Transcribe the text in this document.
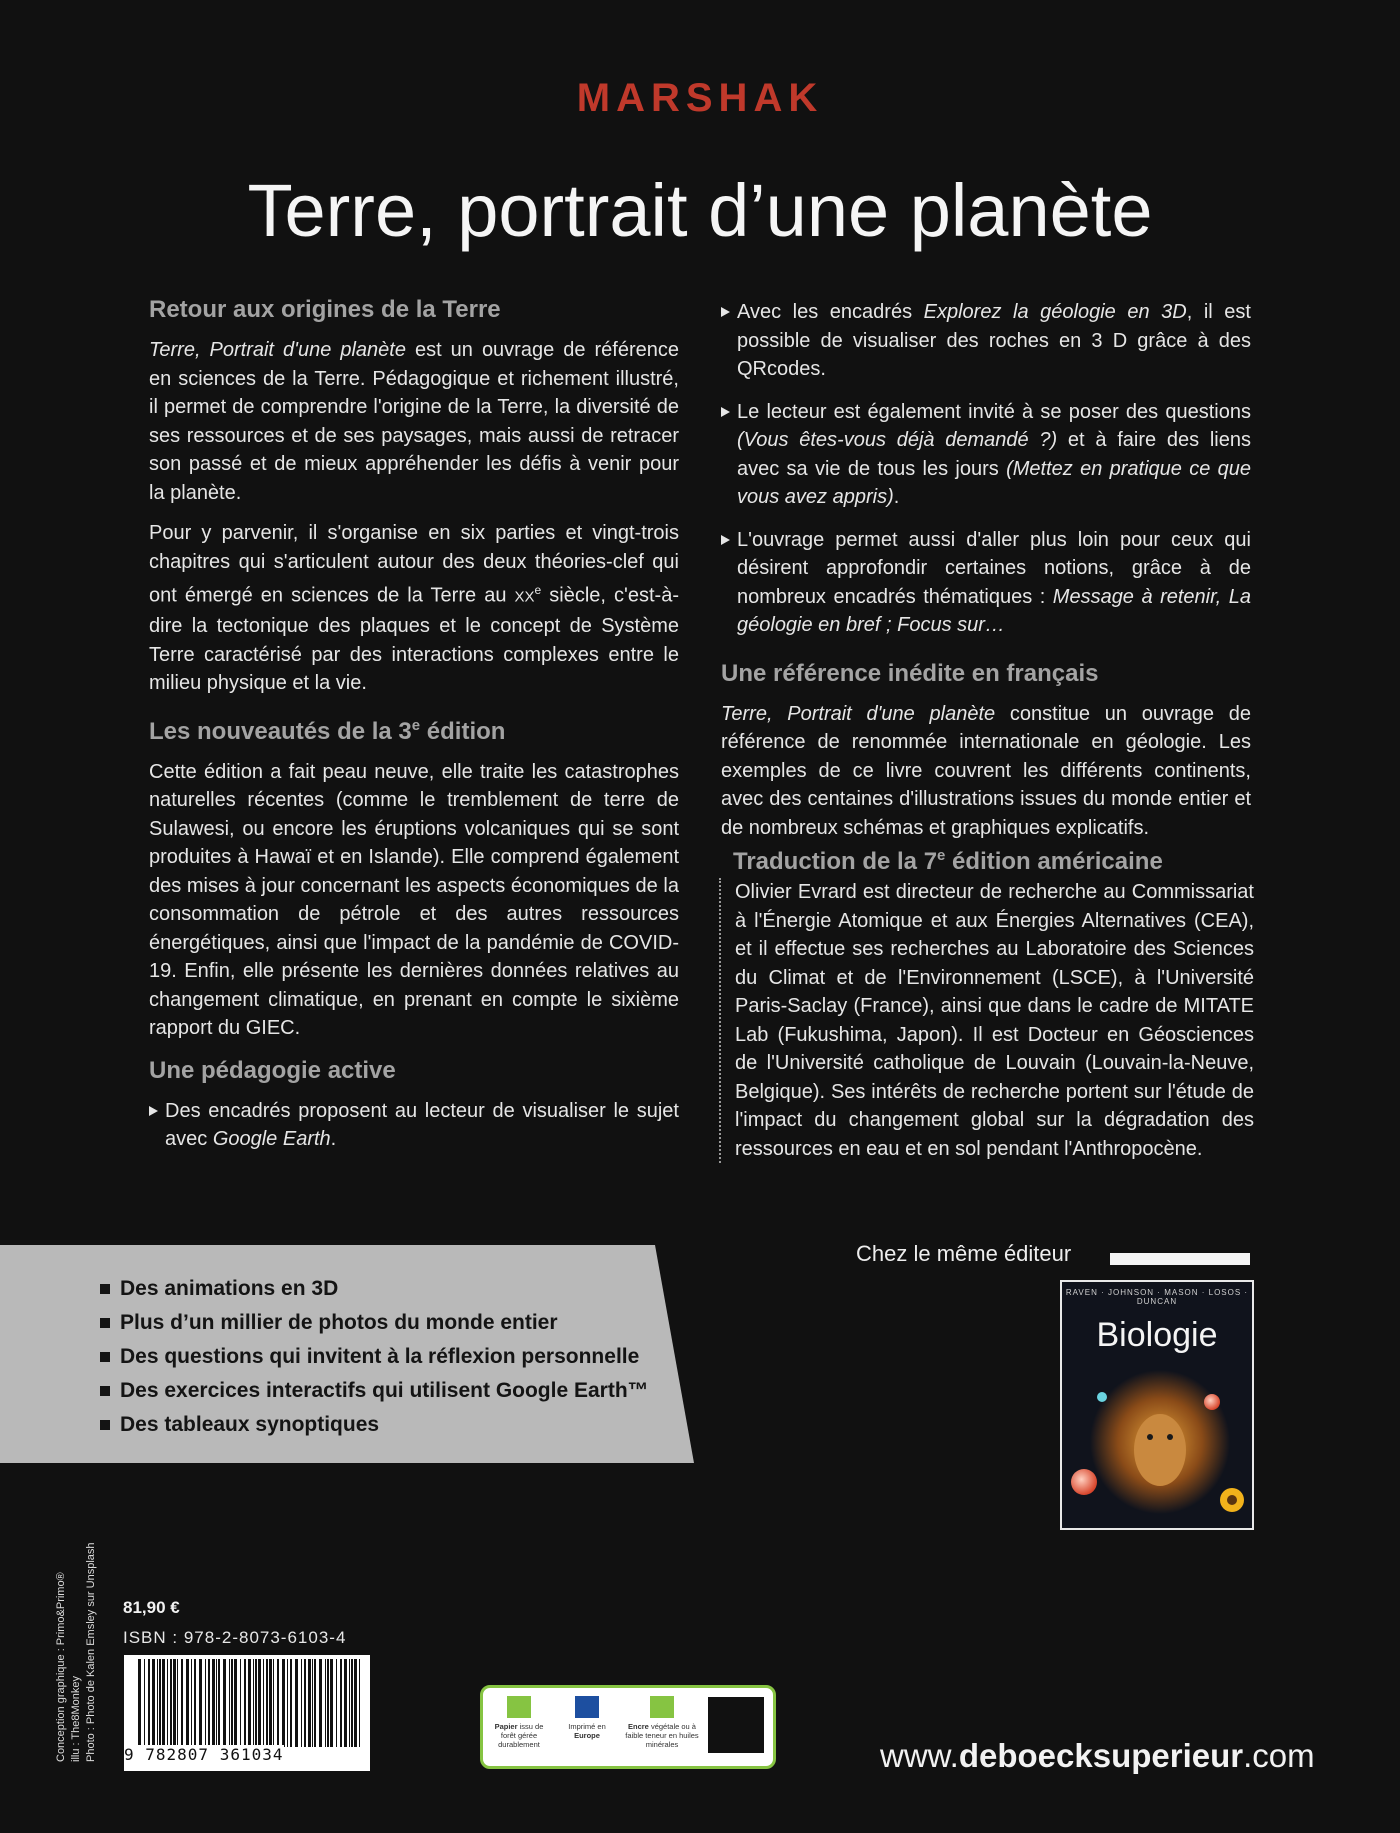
MARSHAK
Terre, portrait d’une planète
Retour aux origines de la Terre

Terre, Portrait d'une planète est un ouvrage de référence en sciences de la Terre. Pédagogique et richement illustré, il permet de comprendre l'origine de la Terre, la diversité de ses ressources et de ses paysages, mais aussi de retracer son passé et de mieux appréhender les défis à venir pour la planète.

Pour y parvenir, il s'organise en six parties et vingt-trois chapitres qui s'articulent autour des deux théories-clef qui ont émergé en sciences de la Terre au XXe siècle, c'est-à-dire la tectonique des plaques et le concept de Système Terre caractérisé par des interactions complexes entre le milieu physique et la vie.

Les nouveautés de la 3e édition

Cette édition a fait peau neuve, elle traite les catastrophes naturelles récentes (comme le tremblement de terre de Sulawesi, ou encore les éruptions volcaniques qui se sont produites à Hawaï et en Islande). Elle comprend également des mises à jour concernant les aspects économiques de la consommation de pétrole et des autres ressources énergétiques, ainsi que l'impact de la pandémie de COVID-19. Enfin, elle présente les dernières données relatives au changement climatique, en prenant en compte le sixième rapport du GIEC.

Une pédagogie active
Des encadrés proposent au lecteur de visualiser le sujet avec Google Earth.
Avec les encadrés Explorez la géologie en 3D, il est possible de visualiser des roches en 3 D grâce à des QRcodes.
Le lecteur est également invité à se poser des questions (Vous êtes-vous déjà demandé ?) et à faire des liens avec sa vie de tous les jours (Mettez en pratique ce que vous avez appris).
L'ouvrage permet aussi d'aller plus loin pour ceux qui désirent approfondir certaines notions, grâce à de nombreux encadrés thématiques : Message à retenir, La géologie en bref ; Focus sur…
Une référence inédite en français

Terre, Portrait d'une planète constitue un ouvrage de référence de renommée internationale en géologie. Les exemples de ce livre couvrent les différents continents, avec des centaines d'illustrations issues du monde entier et de nombreux schémas et graphiques explicatifs.

Traduction de la 7e édition américaine

Olivier Evrard est directeur de recherche au Commissariat à l'Énergie Atomique et aux Énergies Alternatives (CEA), et il effectue ses recherches au Laboratoire des Sciences du Climat et de l'Environnement (LSCE), à l'Université Paris-Saclay (France), ainsi que dans le cadre de MITATE Lab (Fukushima, Japon). Il est Docteur en Géosciences de l'Université catholique de Louvain (Louvain-la-Neuve, Belgique). Ses intérêts de recherche portent sur l'étude de l'impact du changement global sur la dégradation des ressources en eau et en sol pendant l'Anthropocène.

Des animations en 3D
Plus d’un millier de photos du monde entier
Des questions qui invitent à la réflexion personnelle
Des exercices interactifs qui utilisent Google Earth™
Des tableaux synoptiques
Chez le même éditeur
RAVEN · JOHNSON · MASON · LOSOS · DUNCAN
Biologie
Conception graphique : Primo&Primo® illu : The8Monkey Photo : Photo de Kalen Emsley sur Unsplash 81,90 €
ISBN : 978-2-8073-6103-4
9 782807 361034
Papier issu de forêt gérée durablement
Imprimé en
Europe
Encre végétale ou à faible teneur en huiles minérales	www.deboecksuperieur.com
